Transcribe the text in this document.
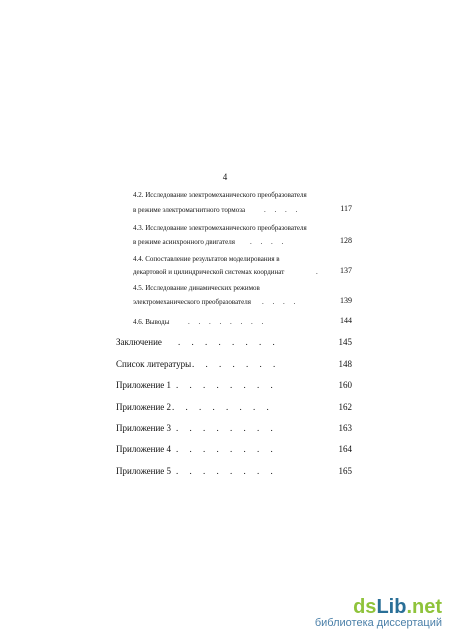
4
4.2. Исследование электромеханического преобразователя
в режиме электромагнитного тормоза	.     .     .     .	117
4.3. Исследование электромеханического преобразователя
в режиме асинхронного двигателя .     .     .     .	128
4.4. Сопоставление результатов моделирования в
декартовой и цилиндрической системах координат	.	137
4.5. Исследование динамических режимов
электромеханического преобразователя .     .     .     .	139
4.6. Выводы	.     .     .     .     .     .     .     .	144
Заключение .     .     .     .     .     .     .     .	145
Список литературы .     .     .     .     .     .     .	148
Приложение 1 .     .     .     .     .     .     .     .	160
Приложение 2 .     .     .     .     .     .     .     .	162
Приложение 3 .     .     .     .     .     .     .     .	163
Приложение 4 .     .     .     .     .     .     .     .	164
Приложение 5 .     .     .     .     .     .     .     .	165
dsLib.net
библиотека диссертаций
